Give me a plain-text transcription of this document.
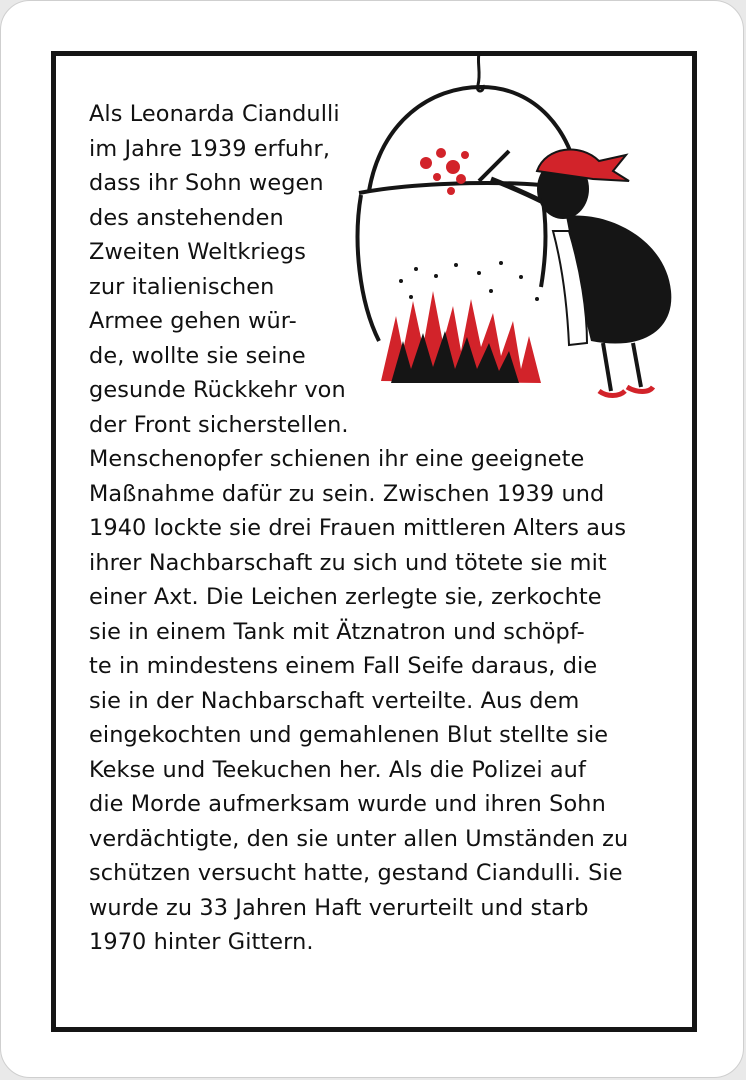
Als Leonarda Ciandulli
im Jahre 1939 erfuhr,
dass ihr Sohn wegen
des anstehenden
Zweiten Weltkriegs
zur italienischen
Armee gehen wür-
de, wollte sie seine
gesunde Rückkehr von
der Front sicherstellen.
Menschenopfer schienen ihr eine geeignete
Maßnahme dafür zu sein. Zwischen 1939 und
1940 lockte sie drei Frauen mittleren Alters aus
ihrer Nachbarschaft zu sich und tötete sie mit
einer Axt. Die Leichen zerlegte sie, zerkochte
sie in einem Tank mit Ätznatron und schöpf-
te in mindestens einem Fall Seife daraus, die
sie in der Nachbarschaft verteilte. Aus dem
eingekochten und gemahlenen Blut stellte sie
Kekse und Teekuchen her. Als die Polizei auf
die Morde aufmerksam wurde und ihren Sohn
verdächtigte, den sie unter allen Umständen zu
schützen versucht hatte, gestand Ciandulli. Sie
wurde zu 33 Jahren Haft verurteilt und starb
1970 hinter Gittern.
